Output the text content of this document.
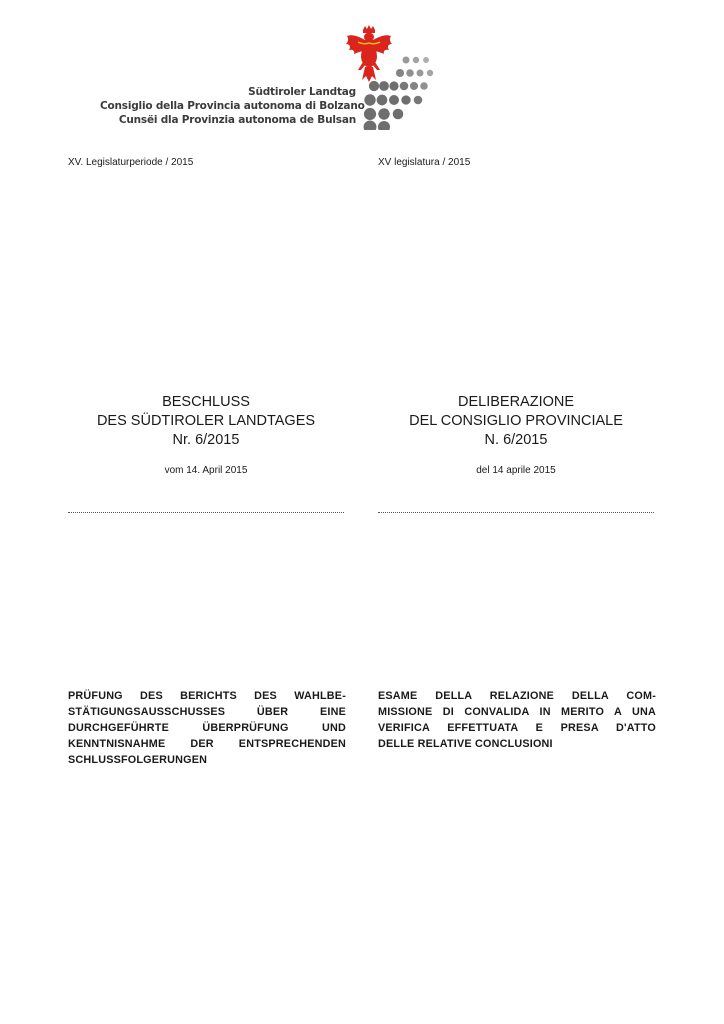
Südtiroler Landtag
Consiglio della Provincia autonoma di Bolzano
Cunsëi dla Provinzia autonoma de Bulsan
XV. Legislaturperiode / 2015	XV legislatura / 2015
BESCHLUSS
DES SÜDTIROLER LANDTAGES
Nr. 6/2015
DELIBERAZIONE
DEL CONSIGLIO PROVINCIALE
N. 6/2015
vom 14. April 2015	del 14 aprile 2015
PRÜFUNG DES BERICHTS DES WAHLBE-
STÄTIGUNGSAUSSCHUSSES ÜBER EINE
DURCHGEFÜHRTE ÜBERPRÜFUNG UND
KENNTNISNAHME DER ENTSPRECHENDEN
SCHLUSSFOLGERUNGEN
ESAME DELLA RELAZIONE DELLA COM-
MISSIONE DI CONVALIDA IN MERITO A UNA
VERIFICA EFFETTUATA E PRESA D'ATTO
DELLE RELATIVE CONCLUSIONI
